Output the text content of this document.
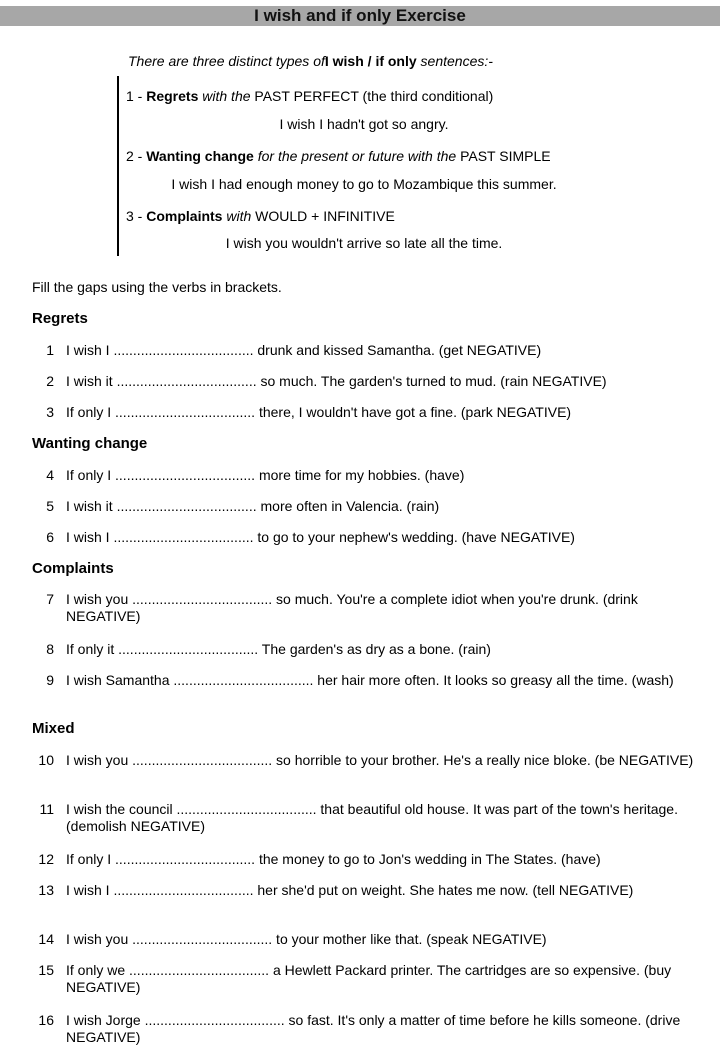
I wish and if only Exercise
There are three distinct types ofI wish / if only sentences:-
1 - Regrets with the PAST PERFECT (the third conditional)
I wish I hadn't got so angry.
2 - Wanting change for the present or future with the PAST SIMPLE
I wish I had enough money to go to Mozambique this summer.
3 - Complaints with WOULD + INFINITIVE
I wish you wouldn't arrive so late all the time.
Fill the gaps using the verbs in brackets.
Regrets
Wanting change
Complaints
Mixed
1 I wish I .................................... drunk and kissed Samantha. (get NEGATIVE)
2 I wish it .................................... so much. The garden's turned to mud. (rain NEGATIVE)
3 If only I .................................... there, I wouldn't have got a fine. (park NEGATIVE)
4 If only I .................................... more time for my hobbies. (have)
5 I wish it .................................... more often in Valencia. (rain)
6 I wish I .................................... to go to your nephew's wedding. (have NEGATIVE)
7 I wish you .................................... so much. You're a complete idiot when you're drunk. (drink NEGATIVE)
8 If only it .................................... The garden's as dry as a bone. (rain)
9 I wish Samantha .................................... her hair more often. It looks so greasy all the time. (wash)
10 I wish you .................................... so horrible to your brother. He's a really nice bloke. (be NEGATIVE)
11 I wish the council .................................... that beautiful old house. It was part of the town's heritage. (demolish NEGATIVE)
12 If only I .................................... the money to go to Jon's wedding in The States. (have)
13 I wish I .................................... her she'd put on weight. She hates me now. (tell NEGATIVE)
14 I wish you .................................... to your mother like that. (speak NEGATIVE)
15 If only we .................................... a Hewlett Packard printer. The cartridges are so expensive. (buy NEGATIVE)
16 I wish Jorge .................................... so fast. It's only a matter of time before he kills someone. (drive NEGATIVE)
